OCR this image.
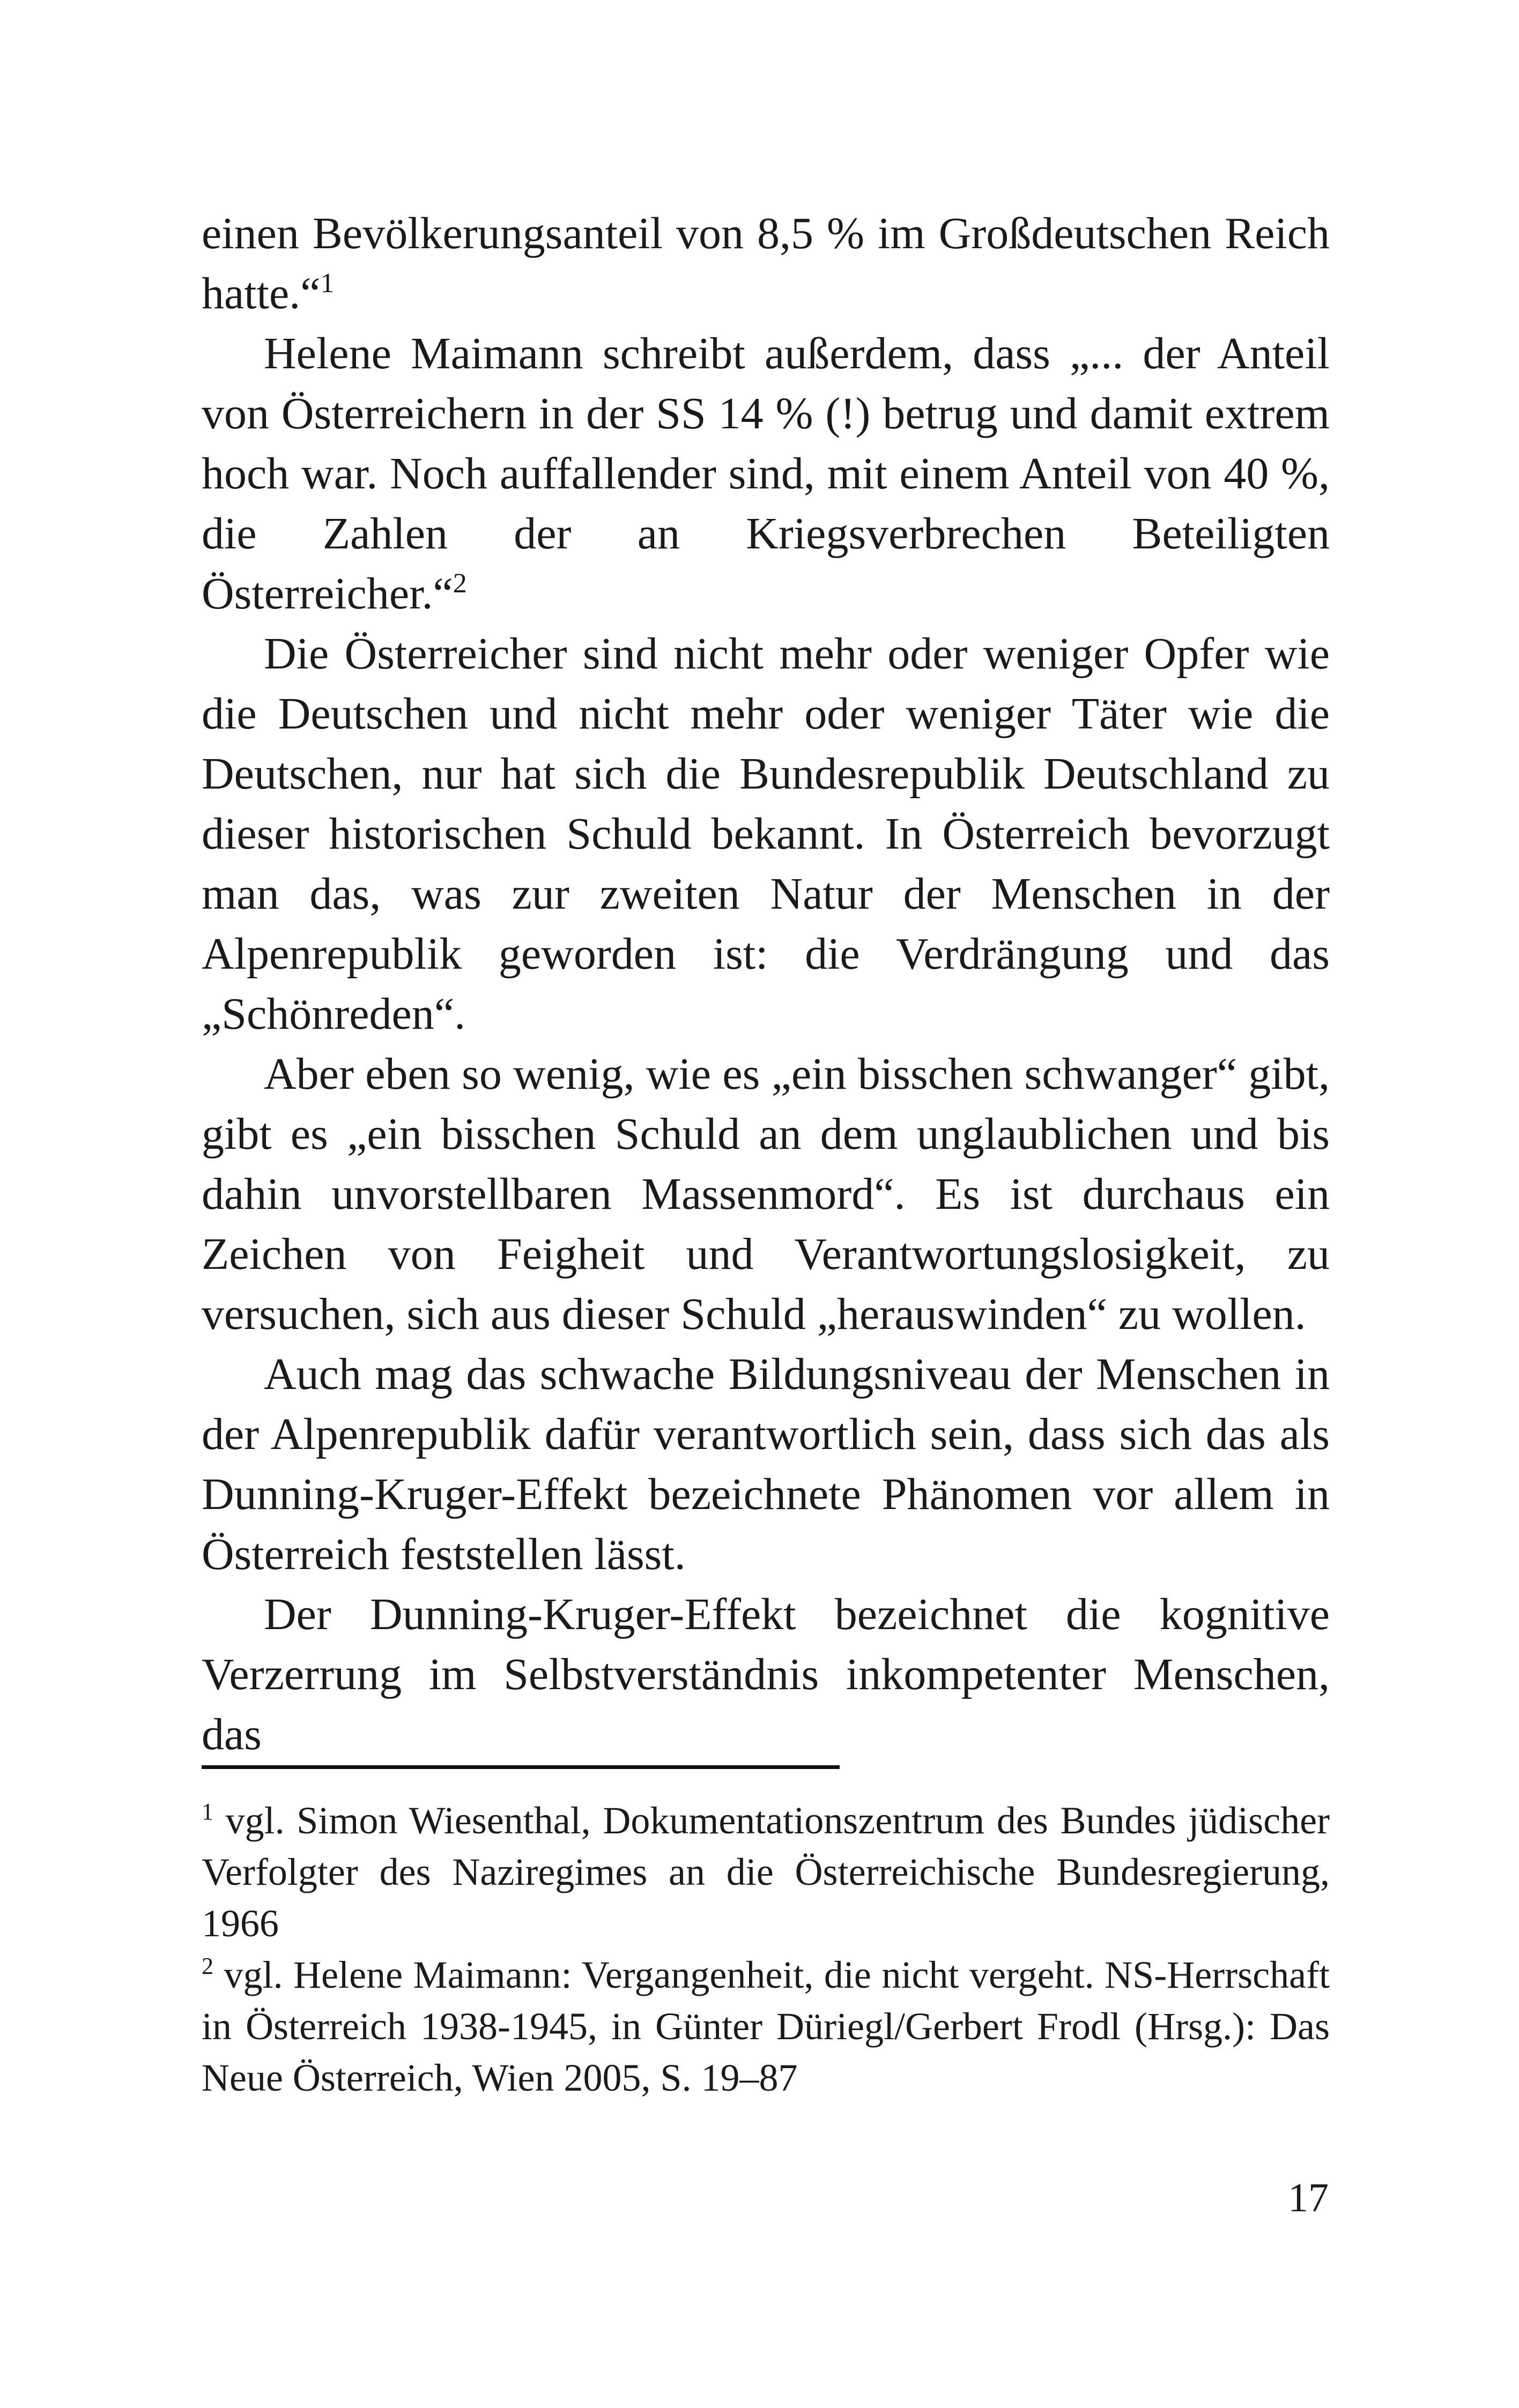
einen Bevölkerungsanteil von 8,5 % im Großdeutschen Reich hatte.“$^1$

Helene Maimann schreibt außerdem, dass „... der Anteil von Österreichern in der SS 14 % (!) betrug und damit extrem hoch war. Noch auffallender sind, mit einem Anteil von 40 %, die Zahlen der an Kriegsverbrechen Beteiligten Österreicher.“$^2$

Die Österreicher sind nicht mehr oder weniger Opfer wie die Deutschen und nicht mehr oder weniger Täter wie die Deutschen, nur hat sich die Bundesrepublik Deutschland zu dieser historischen Schuld bekannt. In Österreich bevorzugt man das, was zur zweiten Natur der Menschen in der Alpenrepublik geworden ist: die Verdrängung und das „Schönreden“.

Aber eben so wenig, wie es „ein bisschen schwanger“ gibt, gibt es „ein bisschen Schuld an dem unglaublichen und bis dahin unvorstellbaren Massenmord“. Es ist durchaus ein Zeichen von Feigheit und Verantwortungslosigkeit, zu versuchen, sich aus dieser Schuld „herauswinden“ zu wollen.

Auch mag das schwache Bildungsniveau der Menschen in der Alpenrepublik dafür verantwortlich sein, dass sich das als Dunning-Kruger-Effekt bezeichnete Phänomen vor allem in Österreich feststellen lässt.

Der Dunning-Kruger-Effekt bezeichnet die kognitive Verzerrung im Selbstverständnis inkompetenter Menschen, das

$^1$ vgl. Simon Wiesenthal, Dokumentationszentrum des Bundes jüdischer Verfolgter des Naziregimes an die Österreichische Bundesregierung, 1966

$^2$ vgl. Helene Maimann: Vergangenheit, die nicht vergeht. NS-Herrschaft in Österreich 1938-1945, in Günter Düriegl/Gerbert Frodl (Hrsg.): Das Neue Österreich, Wien 2005, S. 19–87

17
